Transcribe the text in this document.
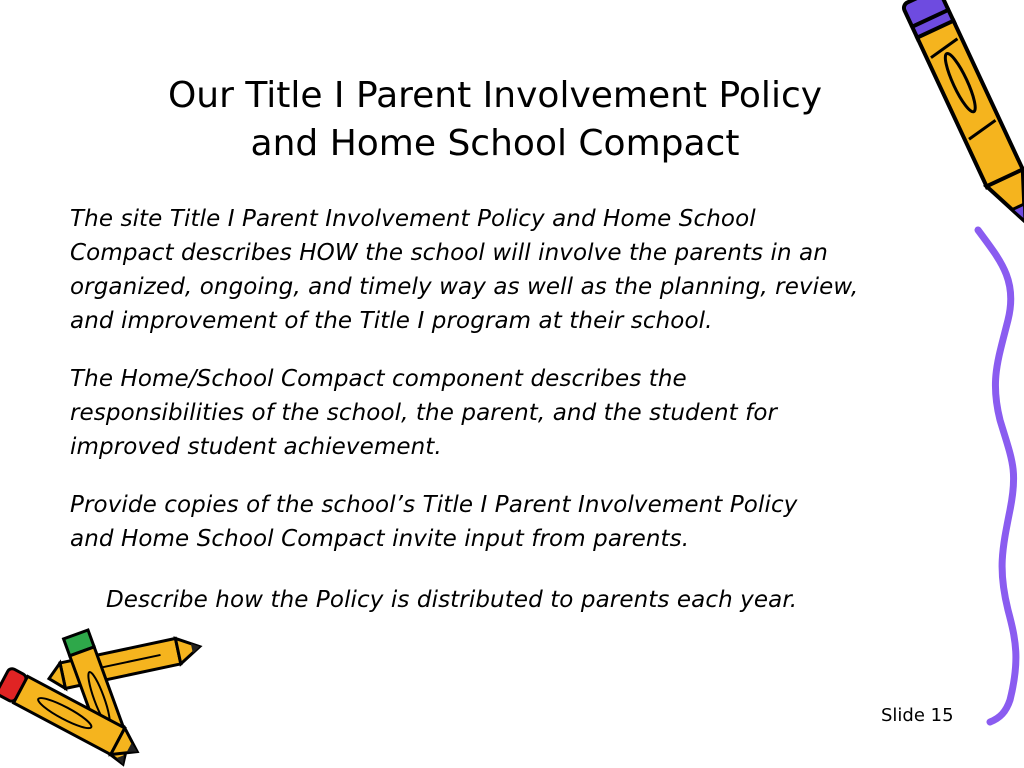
Our Title I Parent Involvement Policy
and Home School Compact
The site Title I Parent Involvement Policy and Home School
Compact describes HOW the school will involve the parents in an
organized, ongoing, and timely way as well as the planning, review,
and improvement of the Title I program at their school.
The Home/School Compact component describes the
responsibilities of the school, the parent, and the student for
improved student achievement.
Provide copies of the school’s Title I Parent Involvement Policy
and Home School Compact invite input from parents.
Describe how the Policy is distributed to parents each year.
Slide 15
